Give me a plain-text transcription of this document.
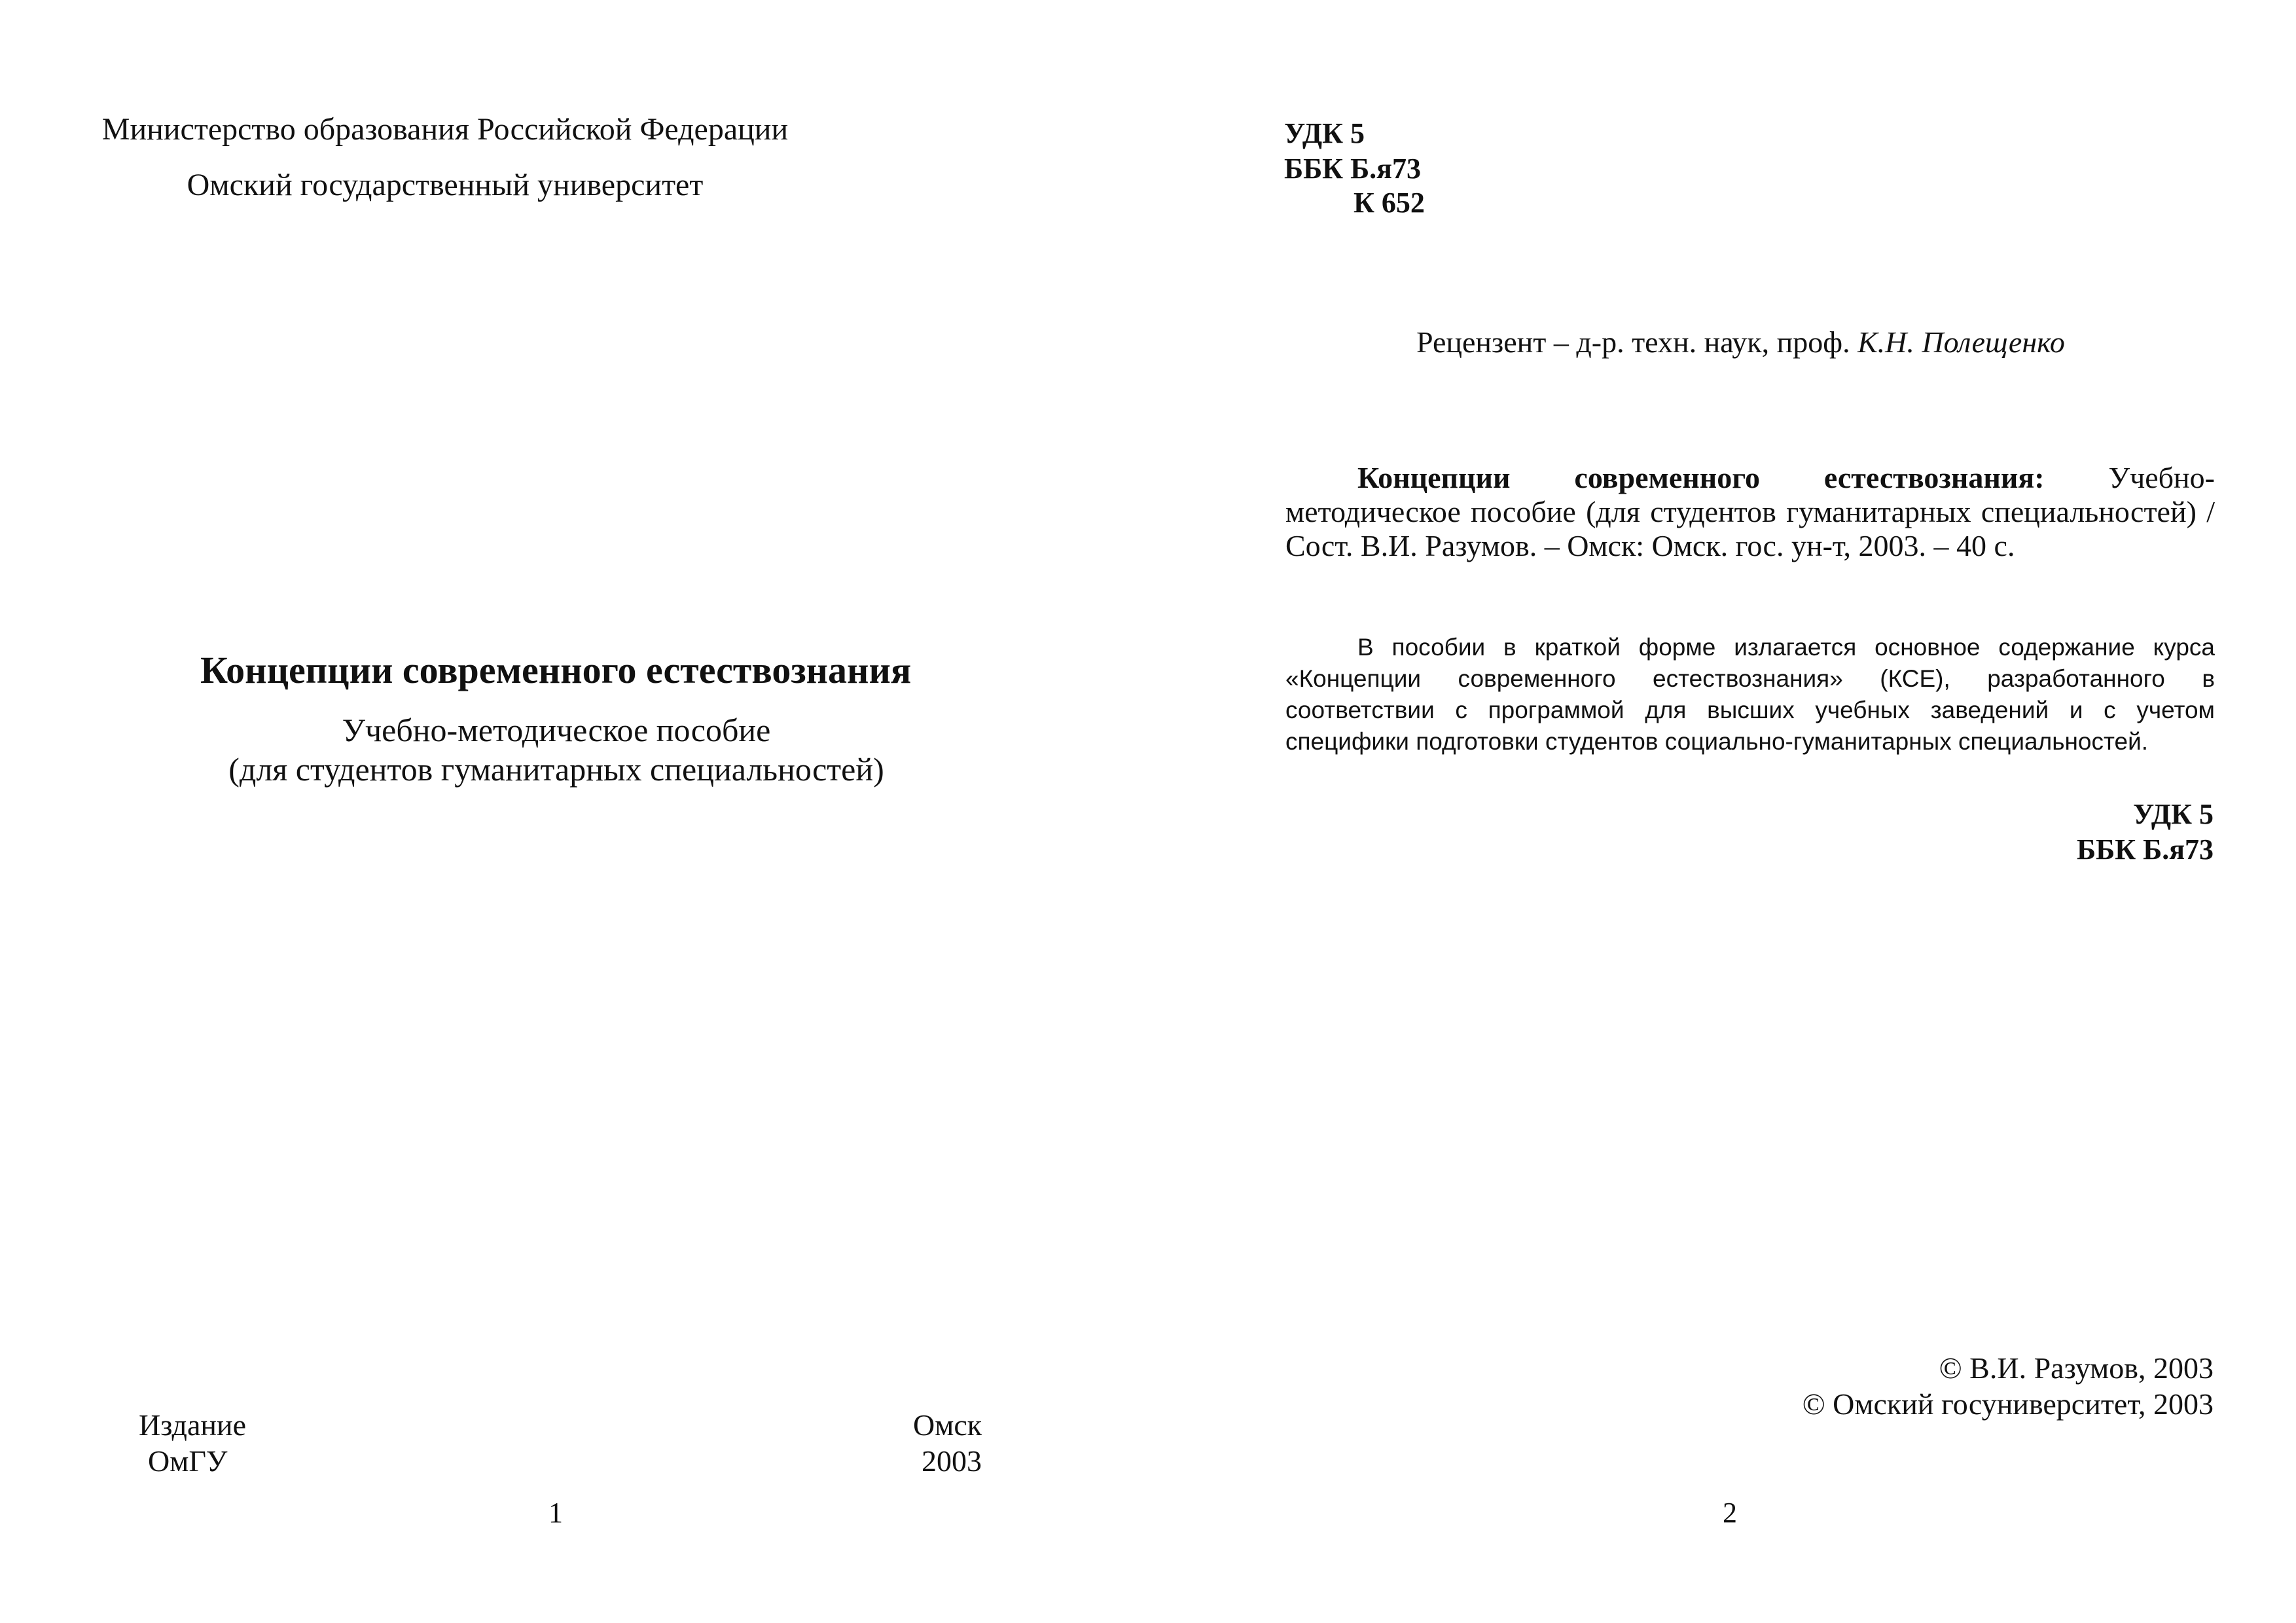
Министерство образования Российской Федерации
Омский государственный университет
Концепции современного естествознания
Учебно-методическое пособие
(для студентов гуманитарных специальностей)
Издание
ОмГУ
Омск
2003
1
УДК 5
ББК Б.я73
К 652
Рецензент – д-р. техн. наук, проф. К.Н. Полещенко
Концепции современного естествознания: Учебно-методическое пособие (для студентов гуманитарных специальностей) / Сост. В.И. Разумов. – Омск: Омск. гос. ун-т, 2003. – 40 с.
В пособии в краткой форме излагается основное содержание курса «Концепции современного естествознания» (КСЕ), разработанного в соответствии с программой для высших учебных заведений и с учетом специфики подготовки студентов социально-гуманитарных специальностей.
УДК 5
ББК Б.я73
© В.И. Разумов, 2003
© Омский госуниверситет, 2003
2
